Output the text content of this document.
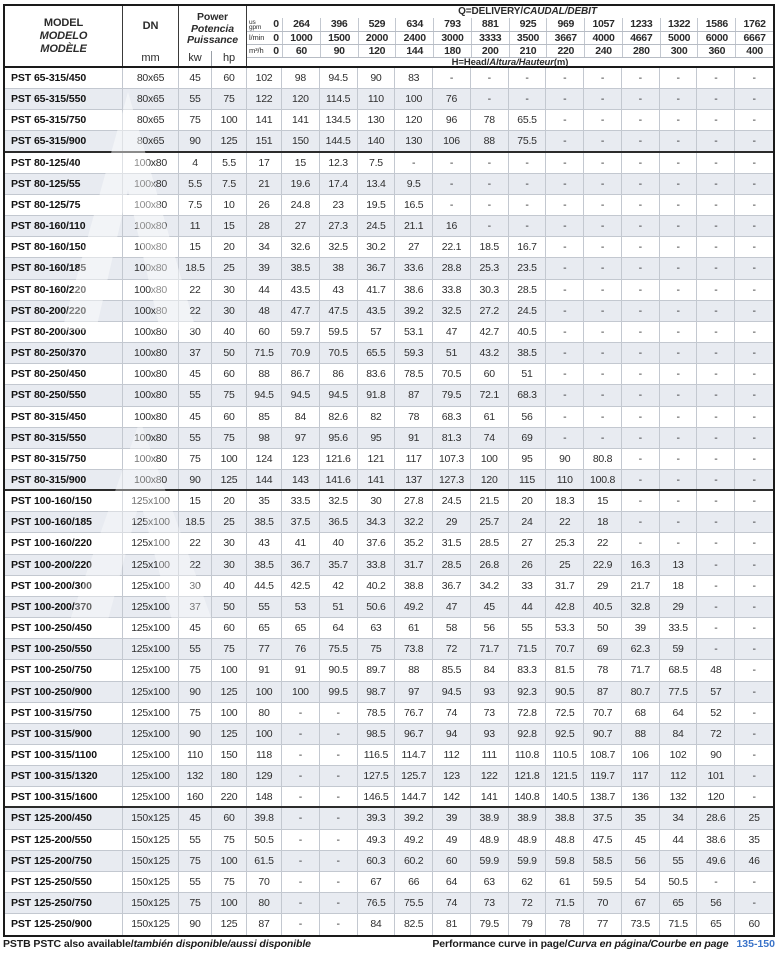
MODEL
MODELO
MODÈLE
DN
mm
Power
Potencia
Puissance
kw	hp
Q=DELIVERY/CAUDAL/DÉBIT
us
gpm 0	264	396	529	634	793	881	925	969	1057	1233	1322	1586	1762
l/min 0	1000	1500	2000	2400	3000	3333	3500	3667	4000	4667	5000	6000	6667
m³/h 0	60	90	120	144	180	200	210	220	240	280	300	360	400
H=Head/Altura/Hauteur(m)
PST 65-315/450	80x65	45	60	102	98	94.5	90	83	-	-	-	-	-	-	-	-	-
PST 65-315/550	80x65	55	75	122	120	114.5	110	100	76	-	-	-	-	-	-	-	-
PST 65-315/750	80x65	75	100	141	141	134.5	130	120	96	78	65.5	-	-	-	-	-	-
PST 65-315/900	80x65	90	125	151	150	144.5	140	130	106	88	75.5	-	-	-	-	-	-
PST 80-125/40	100x80	4	5.5	17	15	12.3	7.5	-	-	-	-	-	-	-	-	-	-
PST 80-125/55	100x80	5.5	7.5	21	19.6	17.4	13.4	9.5	-	-	-	-	-	-	-	-	-
PST 80-125/75	100x80	7.5	10	26	24.8	23	19.5	16.5	-	-	-	-	-	-	-	-	-
PST 80-160/110	100x80	11	15	28	27	27.3	24.5	21.1	16	-	-	-	-	-	-	-	-
PST 80-160/150	100x80	15	20	34	32.6	32.5	30.2	27	22.1	18.5	16.7	-	-	-	-	-	-
PST 80-160/185	100x80	18.5	25	39	38.5	38	36.7	33.6	28.8	25.3	23.5	-	-	-	-	-	-
PST 80-160/220	100x80	22	30	44	43.5	43	41.7	38.6	33.8	30.3	28.5	-	-	-	-	-	-
PST 80-200/220	100x80	22	30	48	47.7	47.5	43.5	39.2	32.5	27.2	24.5	-	-	-	-	-	-
PST 80-200/300	100x80	30	40	60	59.7	59.5	57	53.1	47	42.7	40.5	-	-	-	-	-	-
PST 80-250/370	100x80	37	50	71.5	70.9	70.5	65.5	59.3	51	43.2	38.5	-	-	-	-	-	-
PST 80-250/450	100x80	45	60	88	86.7	86	83.6	78.5	70.5	60	51	-	-	-	-	-	-
PST 80-250/550	100x80	55	75	94.5	94.5	94.5	91.8	87	79.5	72.1	68.3	-	-	-	-	-	-
PST 80-315/450	100x80	45	60	85	84	82.6	82	78	68.3	61	56	-	-	-	-	-	-
PST 80-315/550	100x80	55	75	98	97	95.6	95	91	81.3	74	69	-	-	-	-	-	-
PST 80-315/750	100x80	75	100	124	123	121.6	121	117	107.3	100	95	90	80.8	-	-	-	-
PST 80-315/900	100x80	90	125	144	143	141.6	141	137	127.3	120	115	110	100.8	-	-	-	-
PST 100-160/150	125x100	15	20	35	33.5	32.5	30	27.8	24.5	21.5	20	18.3	15	-	-	-	-
PST 100-160/185	125x100	18.5	25	38.5	37.5	36.5	34.3	32.2	29	25.7	24	22	18	-	-	-	-
PST 100-160/220	125x100	22	30	43	41	40	37.6	35.2	31.5	28.5	27	25.3	22	-	-	-	-
PST 100-200/220	125x100	22	30	38.5	36.7	35.7	33.8	31.7	28.5	26.8	26	25	22.9	16.3	13	-	-
PST 100-200/300	125x100	30	40	44.5	42.5	42	40.2	38.8	36.7	34.2	33	31.7	29	21.7	18	-	-
PST 100-200/370	125x100	37	50	55	53	51	50.6	49.2	47	45	44	42.8	40.5	32.8	29	-	-
PST 100-250/450	125x100	45	60	65	65	64	63	61	58	56	55	53.3	50	39	33.5	-	-
PST 100-250/550	125x100	55	75	77	76	75.5	75	73.8	72	71.7	71.5	70.7	69	62.3	59	-	-
PST 100-250/750	125x100	75	100	91	91	90.5	89.7	88	85.5	84	83.3	81.5	78	71.7	68.5	48	-
PST 100-250/900	125x100	90	125	100	100	99.5	98.7	97	94.5	93	92.3	90.5	87	80.7	77.5	57	-
PST 100-315/750	125x100	75	100	80	-	-	78.5	76.7	74	73	72.8	72.5	70.7	68	64	52	-
PST 100-315/900	125x100	90	125	100	-	-	98.5	96.7	94	93	92.8	92.5	90.7	88	84	72	-
PST 100-315/1100	125x100	110	150	118	-	-	116.5	114.7	112	111	110.8	110.5	108.7	106	102	90	-
PST 100-315/1320	125x100	132	180	129	-	-	127.5	125.7	123	122	121.8	121.5	119.7	117	112	101	-
PST 100-315/1600	125x100	160	220	148	-	-	146.5	144.7	142	141	140.8	140.5	138.7	136	132	120	-
PST 125-200/450	150x125	45	60	39.8	-	-	39.3	39.2	39	38.9	38.9	38.8	37.5	35	34	28.6	25
PST 125-200/550	150x125	55	75	50.5	-	-	49.3	49.2	49	48.9	48.9	48.8	47.5	45	44	38.6	35
PST 125-200/750	150x125	75	100	61.5	-	-	60.3	60.2	60	59.9	59.9	59.8	58.5	56	55	49.6	46
PST 125-250/550	150x125	55	75	70	-	-	67	66	64	63	62	61	59.5	54	50.5	-	-
PST 125-250/750	150x125	75	100	80	-	-	76.5	75.5	74	73	72	71.5	70	67	65	56	-
PST 125-250/900	150x125	90	125	87	-	-	84	82.5	81	79.5	79	78	77	73.5	71.5	65	60
PSTB PSTC also available/también disponible/aussi disponible	Performance curve in page/Curva en página/Courbe en page 135-150
